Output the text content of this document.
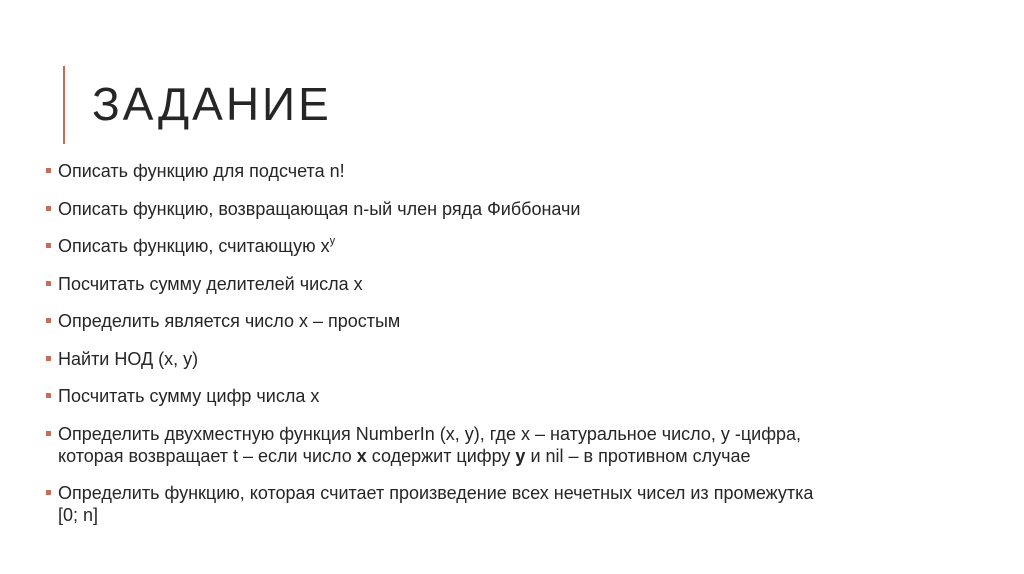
ЗАДАНИЕ
Описать функцию для подсчета n!
Описать функцию, возвращающая n-ый член ряда Фиббоначи
Описать функцию, считающую $x^y$
Посчитать сумму делителей числа x
Определить является число x – простым
Найти НОД (x, y)
Посчитать сумму цифр числа x
Определить двухместную функция NumberIn (x, y), где x – натуральное число, y -цифра,
которая возвращает t – если число x содержит цифру y и nil – в противном случае
Определить функцию, которая считает произведение всех нечетных чисел из промежутка
[0; n]
